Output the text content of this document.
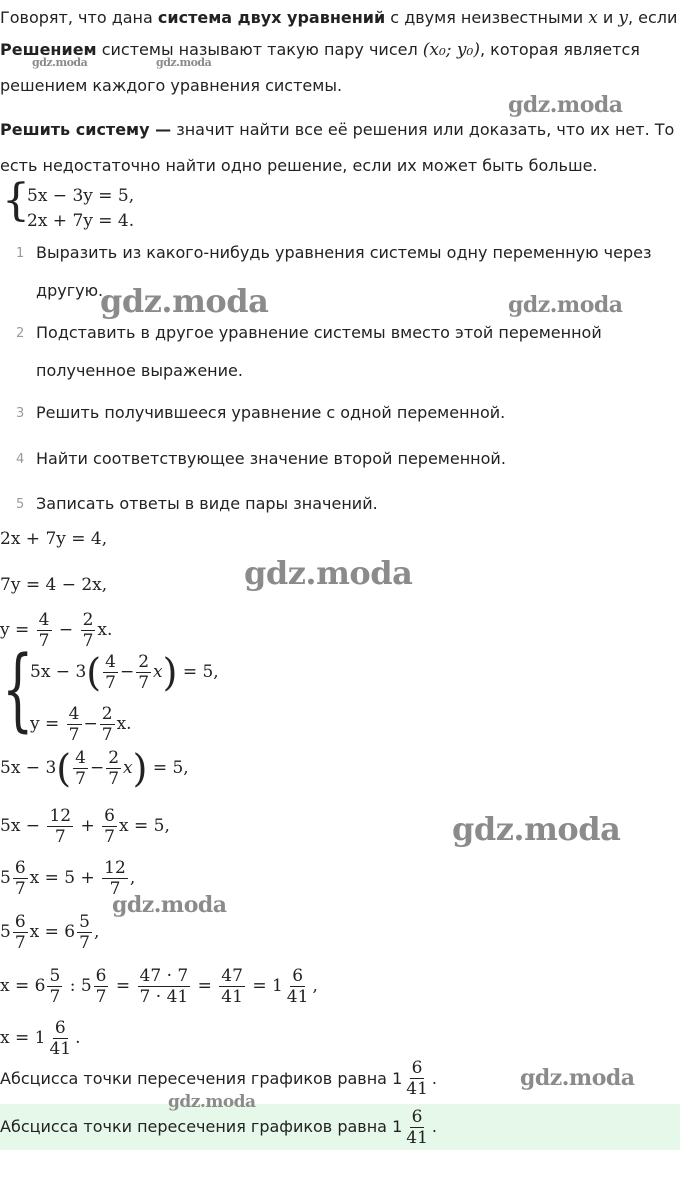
Говорят, что дана система двух уравнений с двумя неизвестными x и y, если
Решением системы называют такую пару чисел (x₀; y₀), которая является
решением каждого уравнения системы.
Решить систему — значит найти все её решения или доказать, что их нет. То
есть недостаточно найти одно решение, если их может быть больше.
{
5x − 3y = 5,
2x + 7y = 4.
1 Выразить из какого-нибудь уравнения системы одну переменную через
другую.
2 Подставить в другое уравнение системы вместо этой переменной
полученное выражение.
3 Решить получившееся уравнение с одной переменной.
4 Найти соответствующее значение второй переменной.
5 Записать ответы в виде пары значений.
2x + 7y = 4,
7y = 4 − 2x,
$y = \frac{4}{7} - \frac{2}{7} x$.
{
$5x - 3( \frac{4}{7} - \frac{2}{7} x) = 5$,
$y = \frac{4}{7} - \frac{2}{7} x$.
$5x - 3( \frac{4}{7} - \frac{2}{7} x) = 5$,
$5x - \frac{12}{7} + \frac{6}{7}$ x = 5,
$5 \frac{6}{7}$ $x = 5 + \frac{12}{7}$ ,
$5 \frac{6}{7}$ $x = 6 \frac{5}{7}$ ,
$x = 6 \frac{5}{7}$ : $5 \frac{6}{7} = \frac{47 \cdot 7}{7 \cdot 41} = \frac{47}{41} = 1 \frac{6}{41}$ ,
$x = 1 \frac{6}{41}$ .
Абсцисса точки пересечения графиков равна $1 \frac{6}{41}$ .
Абсцисса точки пересечения графиков равна $1 \frac{6}{41}$ .
gdz.moda	gdz.moda
gdz.moda
gdz.moda	gdz.moda
gdz.moda
gdz.moda
gdz.moda
gdz.moda
gdz.moda
